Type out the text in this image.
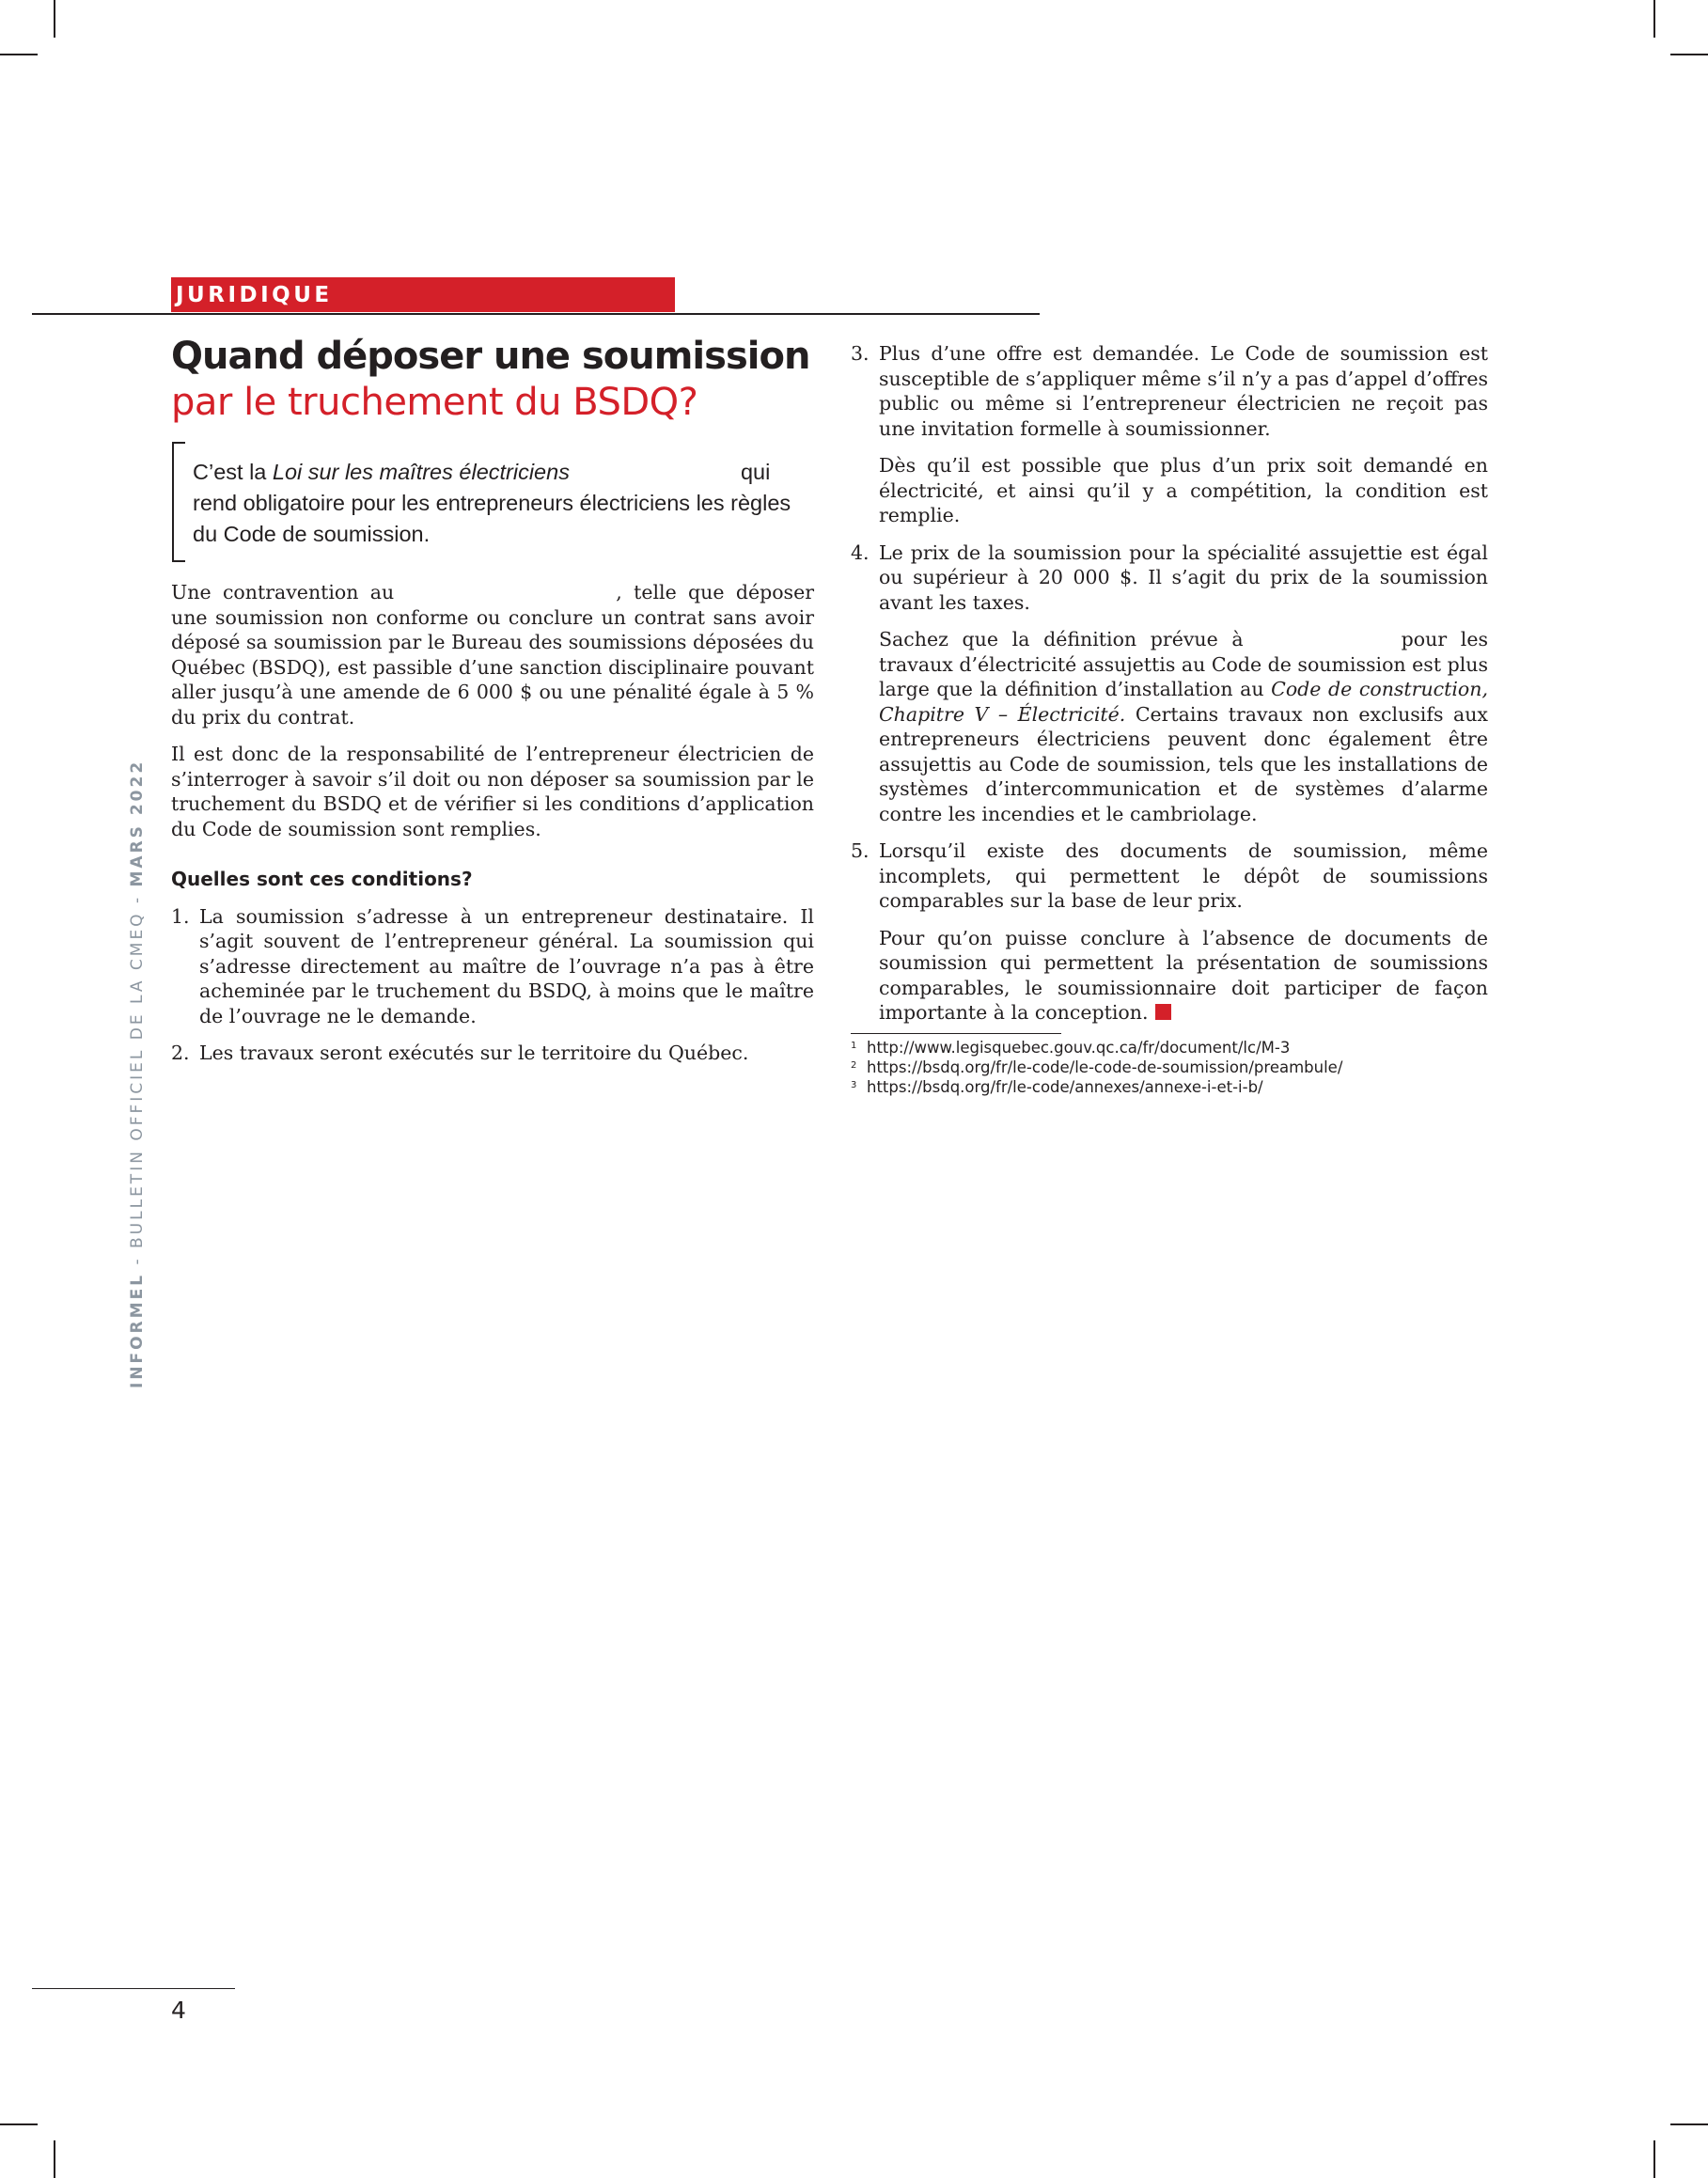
INFORMEL - BULLETIN OFFICIEL DE LA CMEQ - MARS 2022
JURIDIQUE
Quand déposer une soumission
par le truchement du BSDQ?

C’est la Loi sur les maîtres électriciens	qui rend obligatoire pour les entrepreneurs électriciens les règles du Code de soumission.

Une contravention au	, telle que déposer une soumission non conforme ou conclure un contrat sans avoir déposé sa soumission par le Bureau des soumissions déposées du Québec (BSDQ), est passible d’une sanction disciplinaire pouvant aller jusqu’à une amende de 6 000 $ ou une pénalité égale à 5 % du prix du contrat.

Il est donc de la responsabilité de l’entrepreneur électricien de s’interroger à savoir s’il doit ou non déposer sa soumission par le truchement du BSDQ et de vérifier si les conditions d’application du Code de soumission sont remplies.

Quelles sont ces conditions?
1. La soumission s’adresse à un entrepreneur destinataire. Il s’agit souvent de l’entrepreneur général. La soumission qui s’adresse directement au maître de l’ouvrage n’a pas à être acheminée par le truchement du BSDQ, à moins que le maître de l’ouvrage ne le demande.

2. Les travaux seront exécutés sur le territoire du Québec.

3. Plus d’une offre est demandée. Le Code de soumission est susceptible de s’appliquer même s’il n’y a pas d’appel d’offres public ou même si l’entrepreneur électricien ne reçoit pas une invitation formelle à soumissionner.

Dès qu’il est possible que plus d’un prix soit demandé en électricité, et ainsi qu’il y a compétition, la condition est remplie.

4. Le prix de la soumission pour la spécialité assujettie est égal ou supérieur à 20 000 $. Il s’agit du prix de la soumission avant les taxes.

Sachez que la définition prévue à	pour les travaux d’électricité assujettis au Code de soumission est plus large que la définition d’installation au Code de construction, Chapitre V – Électricité. Certains travaux non exclusifs aux entrepreneurs électriciens peuvent donc également être assujettis au Code de soumission, tels que les installations de systèmes d’intercommunication et de systèmes d’alarme contre les incendies et le cambriolage.

5. Lorsqu’il existe des documents de soumission, même incomplets, qui permettent le dépôt de soumissions comparables sur la base de leur prix.

Pour qu’on puisse conclure à l’absence de documents de soumission qui permettent la présentation de soumissions comparables, le soumissionnaire doit participer de façon importante à la conception.

$^1$ http://www.legisquebec.gouv.qc.ca/fr/document/lc/M-3
$^2$ https://bsdq.org/fr/le-code/le-code-de-soumission/preambule/
$^3$ https://bsdq.org/fr/le-code/annexes/annexe-i-et-i-b/
4
